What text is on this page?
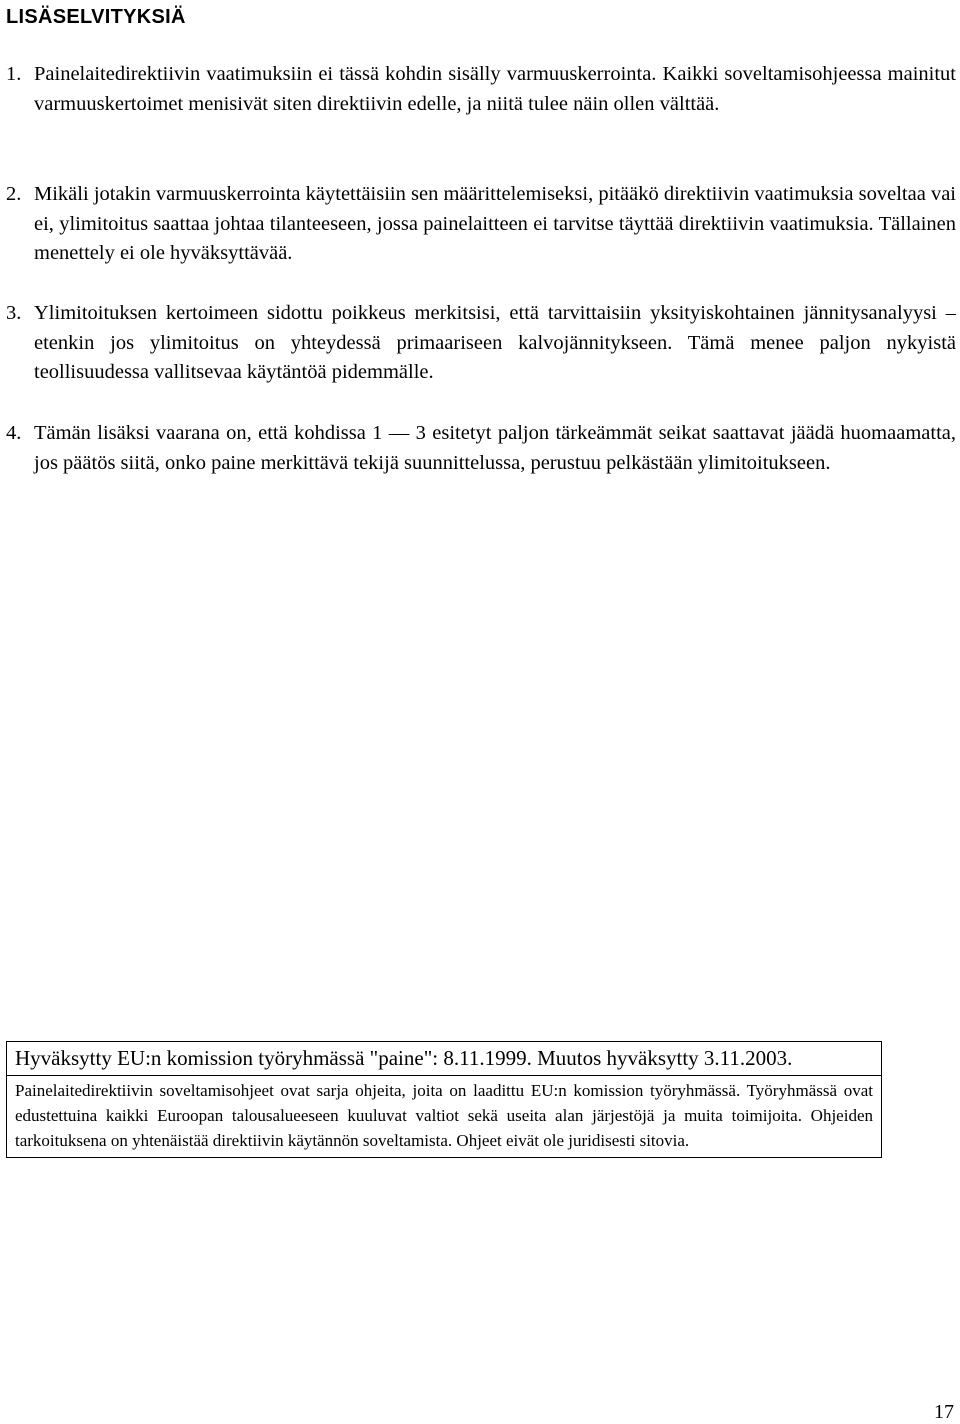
LISÄSELVITYKSIÄ
1. Painelaitedirektiivin vaatimuksiin ei tässä kohdin sisälly varmuuskerrointa. Kaikki soveltamisohjeessa mainitut varmuuskertoimet menisivät siten direktiivin edelle, ja niitä tulee näin ollen välttää.
2. Mikäli jotakin varmuuskerrointa käytettäisiin sen määrittelemiseksi, pitääkö direktiivin vaatimuksia soveltaa vai ei, ylimitoitus saattaa johtaa tilanteeseen, jossa painelaitteen ei tarvitse täyttää direktiivin vaatimuksia. Tällainen menettely ei ole hyväksyttävää.
3. Ylimitoituksen kertoimeen sidottu poikkeus merkitsisi, että tarvittaisiin yksityiskohtainen jännitysanalyysi – etenkin jos ylimitoitus on yhteydessä primaariseen kalvojännitykseen. Tämä menee paljon nykyistä teollisuudessa vallitsevaa käytäntöä pidemmälle.
4. Tämän lisäksi vaarana on, että kohdissa 1 — 3 esitetyt paljon tärkeämmät seikat saattavat jäädä huomaamatta, jos päätös siitä, onko paine merkittävä tekijä suunnittelussa, perustuu pelkästään ylimitoitukseen.
Hyväksytty EU:n komission työryhmässä "paine": 8.11.1999. Muutos hyväksytty 3.11.2003.
Painelaitedirektiivin soveltamisohjeet ovat sarja ohjeita, joita on laadittu EU:n komission työryhmässä. Työryhmässä ovat edustettuina kaikki Euroopan talousalueeseen kuuluvat valtiot sekä useita alan järjestöjä ja muita toimijoita. Ohjeiden tarkoituksena on yhtenäistää direktiivin käytännön soveltamista. Ohjeet eivät ole juridisesti sitovia.
17
